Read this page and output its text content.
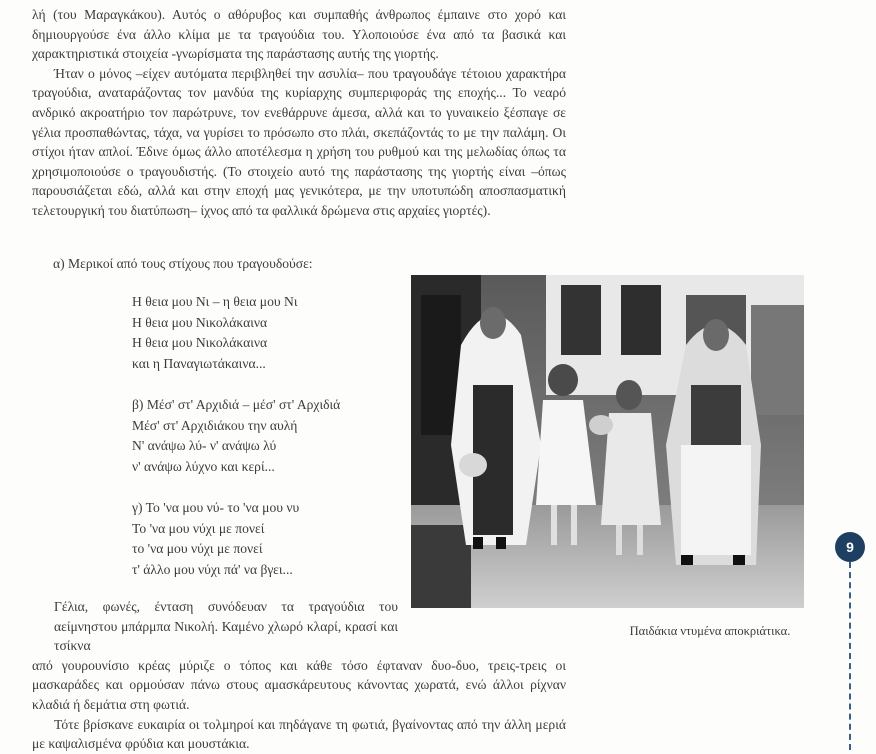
λή (του Μαραγκάκου). Αυτός ο αθόρυβος και συμπαθής άνθρωπος έμπαινε στο χορό και δημιουργούσε ένα άλλο κλίμα με τα τραγούδια του. Υλοποιούσε ένα από τα βασικά και χαρακτηριστικά στοιχεία -γνωρίσματα της παράστασης αυτής της γιορτής.

Ήταν ο μόνος –είχεν αυτόματα περιβληθεί την ασυλία– που τραγουδάγε τέτοιου χαρακτήρα τραγούδια, αναταράζοντας τον μανδύα της κυρίαρχης συμπεριφοράς της εποχής... Το νεαρό ανδρικό ακροατήριο τον παρώτρυνε, τον ενεθάρρυνε άμεσα, αλλά και το γυναικείο ξέσπαγε σε γέλια προσπαθώντας, τάχα, να γυρίσει το πρόσωπο στο πλάι, σκεπάζοντάς το με την παλάμη. Οι στίχοι ήταν απλοί. Έδινε όμως άλλο αποτέλεσμα η χρήση του ρυθμού και της μελωδίας όπως τα χρησιμοποιούσε ο τραγουδιστής. (Το στοιχείο αυτό της παράστασης της γιορτής είναι –όπως παρουσιάζεται εδώ, αλλά και στην εποχή μας γενικότερα, με την υποτυπώδη αποσπασματική τελετουργική του διατύπωση– ίχνος από τα φαλλικά δρώμενα στις αρχαίες γιορτές).

α) Μερικοί από τους στίχους που τραγουδούσε:
Η θεια μου Νι – η θεια μου Νι
Η θεια μου Νικολάκαινα
Η θεια μου Νικολάκαινα
και η Παναγιωτάκαινα...
β) Μέσ' στ' Αρχιδιά – μέσ' στ' Αρχιδιά
Μέσ' στ' Αρχιδιάκου την αυλή
Ν' ανάψω λύ- ν' ανάψω λύ
ν' ανάψω λύχνο και κερί...
γ) Το 'να μου νύ- το 'να μου νυ
Το 'να μου νύχι με πονεί
το 'να μου νύχι με πονεί
τ' άλλο μου νύχι πά' να βγει...
Παιδάκια ντυμένα αποκριάτικα.

Γέλια, φωνές, ένταση συνόδευαν τα τραγούδια του αείμνηστου μπάρμπα Νικολή. Καμένο χλωρό κλαρί, κρασί και τσίκνα

από γουρουνίσιο κρέας μύριζε ο τόπος και κάθε τόσο έφταναν δυο-δυο, τρεις-τρεις οι μασκαράδες και ορμούσαν πάνω στους αμασκάρευτους κάνοντας χωρατά, ενώ άλλοι ρίχναν κλαδιά ή δεμάτια στη φωτιά.

Τότε βρίσκανε ευκαιρία οι τολμηροί και πηδάγανε τη φωτιά, βγαίνοντας από την άλλη μεριά με καψαλισμένα φρύδια και μουστάκια.

9
